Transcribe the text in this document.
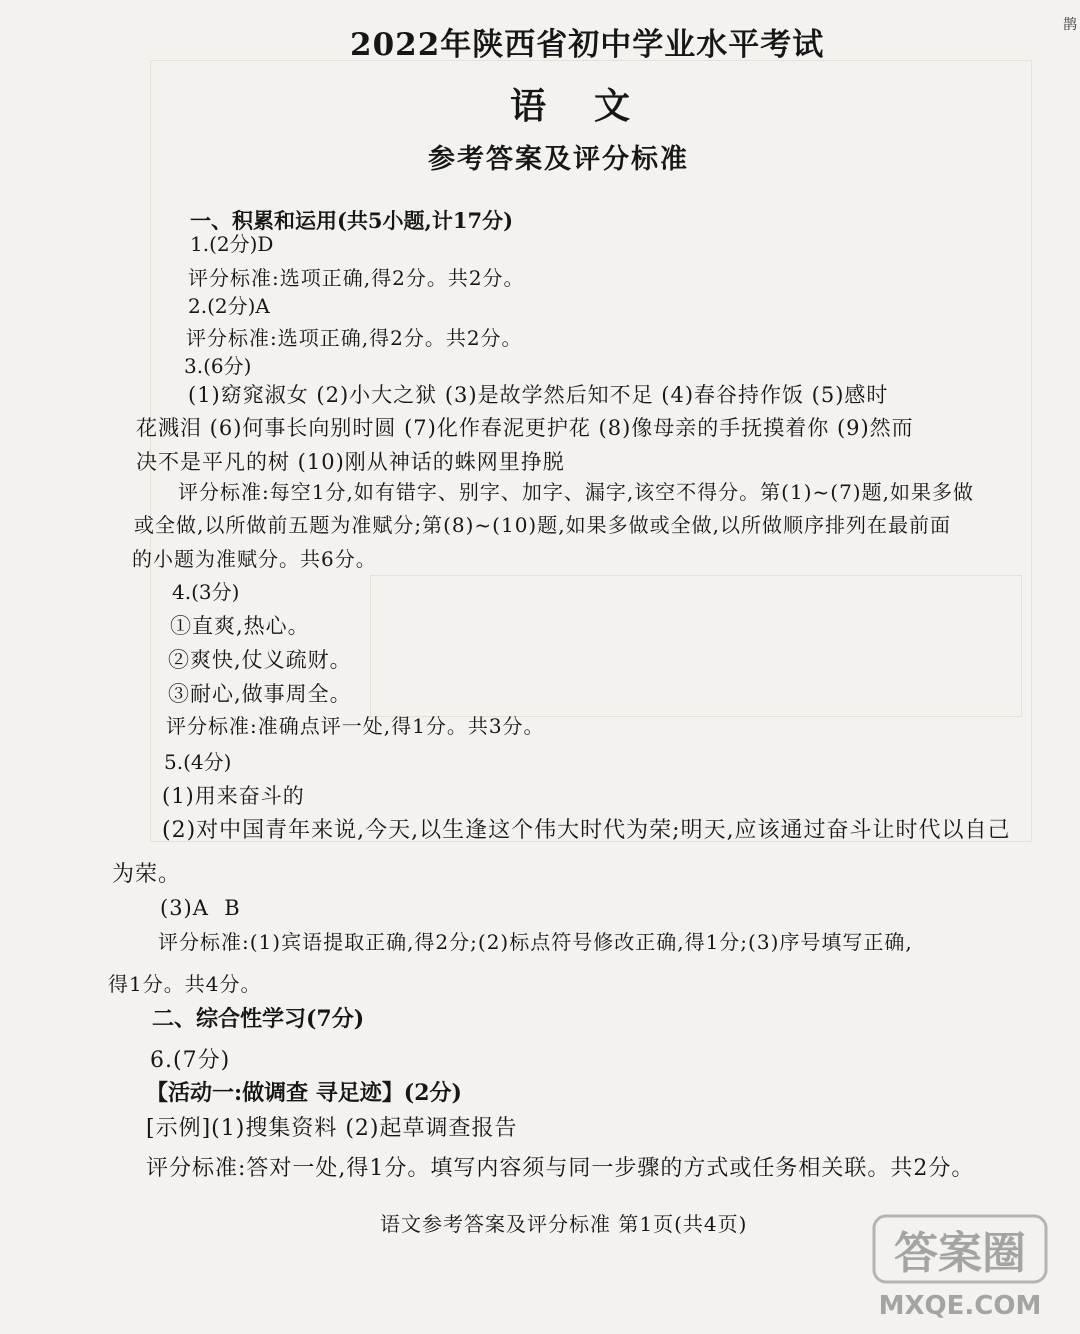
鹊
2022年陕西省初中学业水平考试
语文
参考答案及评分标准
一、积累和运用(共5小题,计17分)
1.(2分)D
评分标准:选项正确,得2分。共2分。
2.(2分)A
评分标准:选项正确,得2分。共2分。
3.(6分)
(1)窈窕淑女 (2)小大之狱 (3)是故学然后知不足 (4)春谷持作饭 (5)感时
花溅泪 (6)何事长向别时圆 (7)化作春泥更护花 (8)像母亲的手抚摸着你 (9)然而
决不是平凡的树 (10)刚从神话的蛛网里挣脱
评分标准:每空1分,如有错字、别字、加字、漏字,该空不得分。第(1)~(7)题,如果多做
或全做,以所做前五题为准赋分;第(8)~(10)题,如果多做或全做,以所做顺序排列在最前面
的小题为准赋分。共6分。
4.(3分)
①直爽,热心。
②爽快,仗义疏财。
③耐心,做事周全。
评分标准:准确点评一处,得1分。共3分。
5.(4分)
(1)用来奋斗的
(2)对中国青年来说,今天,以生逢这个伟大时代为荣;明天,应该通过奋斗让时代以自己
为荣。
(3)A  B
评分标准:(1)宾语提取正确,得2分;(2)标点符号修改正确,得1分;(3)序号填写正确,
得1分。共4分。
二、综合性学习(7分)
6.(7分)
【活动一:做调查 寻足迹】(2分)
[示例](1)搜集资料 (2)起草调查报告
评分标准:答对一处,得1分。填写内容须与同一步骤的方式或任务相关联。共2分。
语文参考答案及评分标准 第1页(共4页)
答案圈
MXQE.COM
